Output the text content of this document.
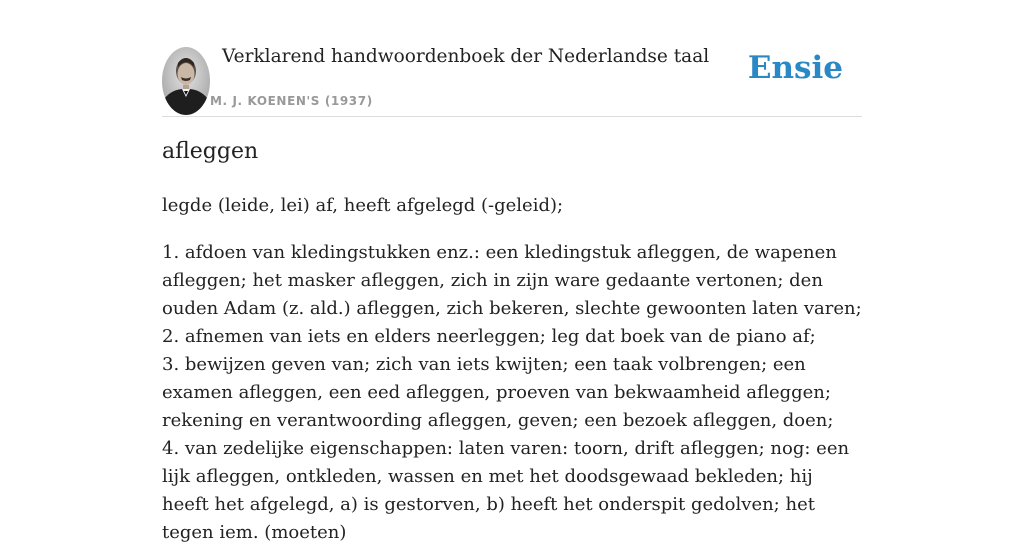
Verklarend handwoordenboek der Nederlandse taal
M. J. KOENEN'S (1937)
Ensie
afleggen
legde (leide, lei) af, heeft afgelegd (-geleid);
1. afdoen van kledingstukken enz.: een kledingstuk afleggen, de wapenen afleggen; het masker afleggen, zich in zijn ware gedaante vertonen; den ouden Adam (z. ald.) afleggen, zich bekeren, slechte gewoonten laten varen;
2. afnemen van iets en elders neerleggen; leg dat boek van de piano af;
3. bewijzen geven van; zich van iets kwijten; een taak volbrengen; een examen afleggen, een eed afleggen, proeven van bekwaamheid afleggen; rekening en verantwoording afleggen, geven; een bezoek afleggen, doen;
4. van zedelijke eigenschappen: laten varen: toorn, drift afleggen; nog: een lijk afleggen, ontkleden, wassen en met het doodsgewaad bekleden; hij heeft het afgelegd, a) is gestorven, b) heeft het onderspit gedolven; het tegen iem. (moeten)
